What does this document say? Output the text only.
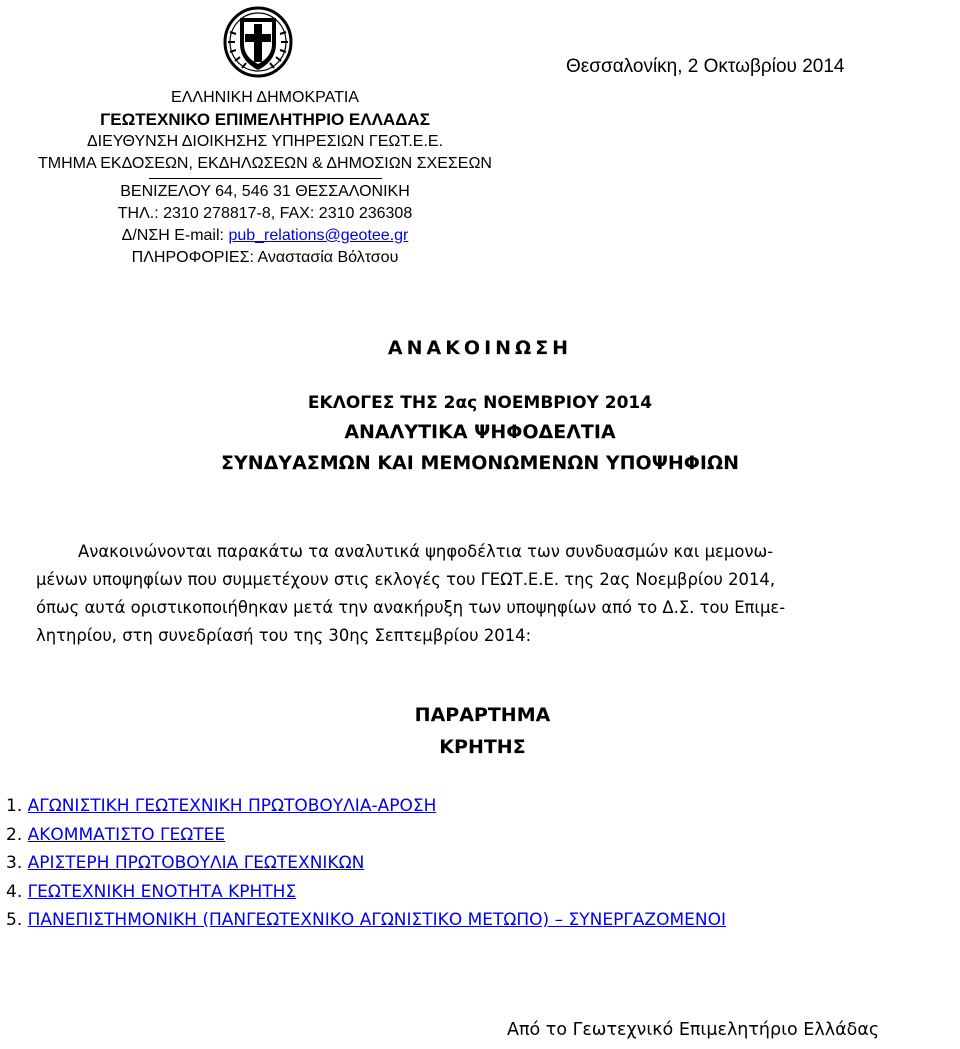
ΕΛΛΗΝΙΚΗ ΔΗΜΟΚΡΑΤΙΑ
ΓΕΩΤΕΧΝΙΚΟ ΕΠΙΜΕΛΗΤΗΡΙΟ ΕΛΛΑΔΑΣ
ΔΙΕΥΘΥΝΣΗ ΔΙΟΙΚΗΣΗΣ ΥΠΗΡΕΣΙΩΝ ΓΕΩΤ.Ε.Ε.
ΤΜΗΜΑ ΕΚΔΟΣΕΩΝ, ΕΚΔΗΛΩΣΕΩΝ & ΔΗΜΟΣΙΩΝ ΣΧΕΣΕΩΝ
ΒΕΝΙΖΕΛΟΥ 64, 546 31 ΘΕΣΣΑΛΟΝΙΚΗ
ΤΗΛ.: 2310 278817-8, FAX: 2310 236308
Δ/ΝΣΗ E-mail: pub_relations@geotee.gr
ΠΛΗΡΟΦΟΡΙΕΣ: Αναστασία Βόλτσου
Θεσσαλονίκη, 2 Οκτωβρίου 2014
ΑΝΑΚΟΙΝΩΣΗ
ΕΚΛΟΓΕΣ ΤΗΣ 2ας ΝΟΕΜΒΡΙΟΥ 2014
ΑΝΑΛΥΤΙΚΑ ΨΗΦΟΔΕΛΤΙΑ
ΣΥΝΔΥΑΣΜΩΝ ΚΑΙ ΜΕΜΟΝΩΜΕΝΩΝ ΥΠΟΨΗΦΙΩΝ
Ανακοινώνονται παρακάτω τα αναλυτικά ψηφοδέλτια των συνδυασμών και μεμονω-
μένων υποψηφίων που συμμετέχουν στις εκλογές του ΓΕΩΤ.Ε.Ε. της 2ας Νοεμβρίου 2014,
όπως αυτά οριστικοποιήθηκαν μετά την ανακήρυξη των υποψηφίων από το Δ.Σ. του Επιμε-
λητηρίου, στη συνεδρίασή του της 30ης Σεπτεμβρίου 2014:
ΠΑΡΑΡΤΗΜΑ
ΚΡΗΤΗΣ
1. ΑΓΩΝΙΣΤΙΚΗ ΓΕΩΤΕΧΝΙΚΗ ΠΡΩΤΟΒΟΥΛΙΑ-ΑΡΟΣΗ
2. ΑΚΟΜΜΑΤΙΣΤΟ ΓΕΩΤΕΕ
3. ΑΡΙΣΤΕΡΗ ΠΡΩΤΟΒΟΥΛΙΑ ΓΕΩΤΕΧΝΙΚΩΝ
4. ΓΕΩΤΕΧΝΙΚΗ ΕΝΟΤΗΤΑ ΚΡΗΤΗΣ
5. ΠΑΝΕΠΙΣΤΗΜΟΝΙΚΗ (ΠΑΝΓΕΩΤΕΧΝΙΚΟ ΑΓΩΝΙΣΤΙΚΟ ΜΕΤΩΠΟ) – ΣΥΝΕΡΓΑΖΟΜΕΝΟΙ
Από το Γεωτεχνικό Επιμελητήριο Ελλάδας
